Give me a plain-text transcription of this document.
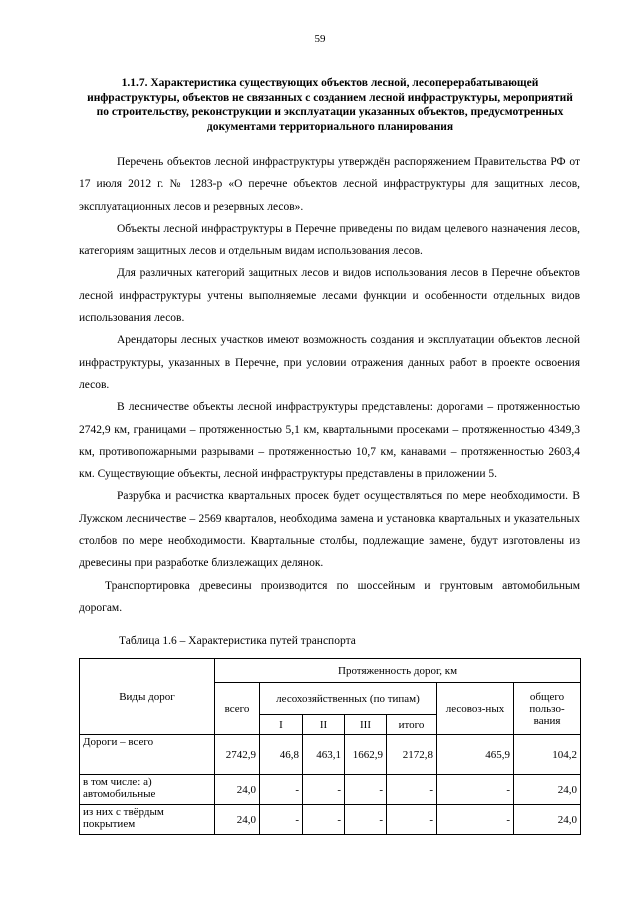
59
1.1.7. Характеристика существующих объектов лесной, лесоперерабатывающей инфраструктуры, объектов не связанных с созданием лесной инфраструктуры, мероприятий по строительству, реконструкции и эксплуатации указанных объектов, предусмотренных документами территориального планирования

Перечень объектов лесной инфраструктуры утверждён распоряжением Правительства РФ от 17 июля 2012 г. № 1283-р «О перечне объектов лесной инфраструктуры для защитных лесов, эксплуатационных лесов и резервных лесов».

Объекты лесной инфраструктуры в Перечне приведены по видам целевого назначения лесов, категориям защитных лесов и отдельным видам использования лесов.

Для различных категорий защитных лесов и видов использования лесов в Перечне объектов лесной инфраструктуры учтены выполняемые лесами функции и особенности отдельных видов использования лесов.

Арендаторы лесных участков имеют возможность создания и эксплуатации объектов лесной инфраструктуры, указанных в Перечне, при условии отражения данных работ в проекте освоения лесов.

В лесничестве объекты лесной инфраструктуры представлены: дорогами – протяженностью 2742,9 км, границами – протяженностью 5,1 км, квартальными просеками – протяженностью 4349,3 км, противопожарными разрывами – протяженностью 10,7 км, канавами – протяженностью 2603,4 км. Существующие объекты, лесной инфраструктуры представлены в приложении 5.

Разрубка и расчистка квартальных просек будет осуществляться по мере необходимости. В Лужском лесничестве – 2569 кварталов, необходима замена и установка квартальных и указательных столбов по мере необходимости. Квартальные столбы, подлежащие замене, будут изготовлены из древесины при разработке близлежащих делянок.

Транспортировка древесины производится по шоссейным и грунтовым автомобильным дорогам.

Таблица 1.6 – Характеристика путей транспорта
Виды дорог	Протяженность дорог, км						
	всего	лесохозяйственных (по типам)				лесовоз-ных	общего пользо-вания
		I	II	III	итого		
Дороги – всего	2742,9	46,8	463,1	1662,9	2172,8	465,9	104,2
в том числе: а) автомобильные	24,0	-	-	-	-	-	24,0
из них с твёрдым покрытием	24,0	-	-	-	-	-	24,0
